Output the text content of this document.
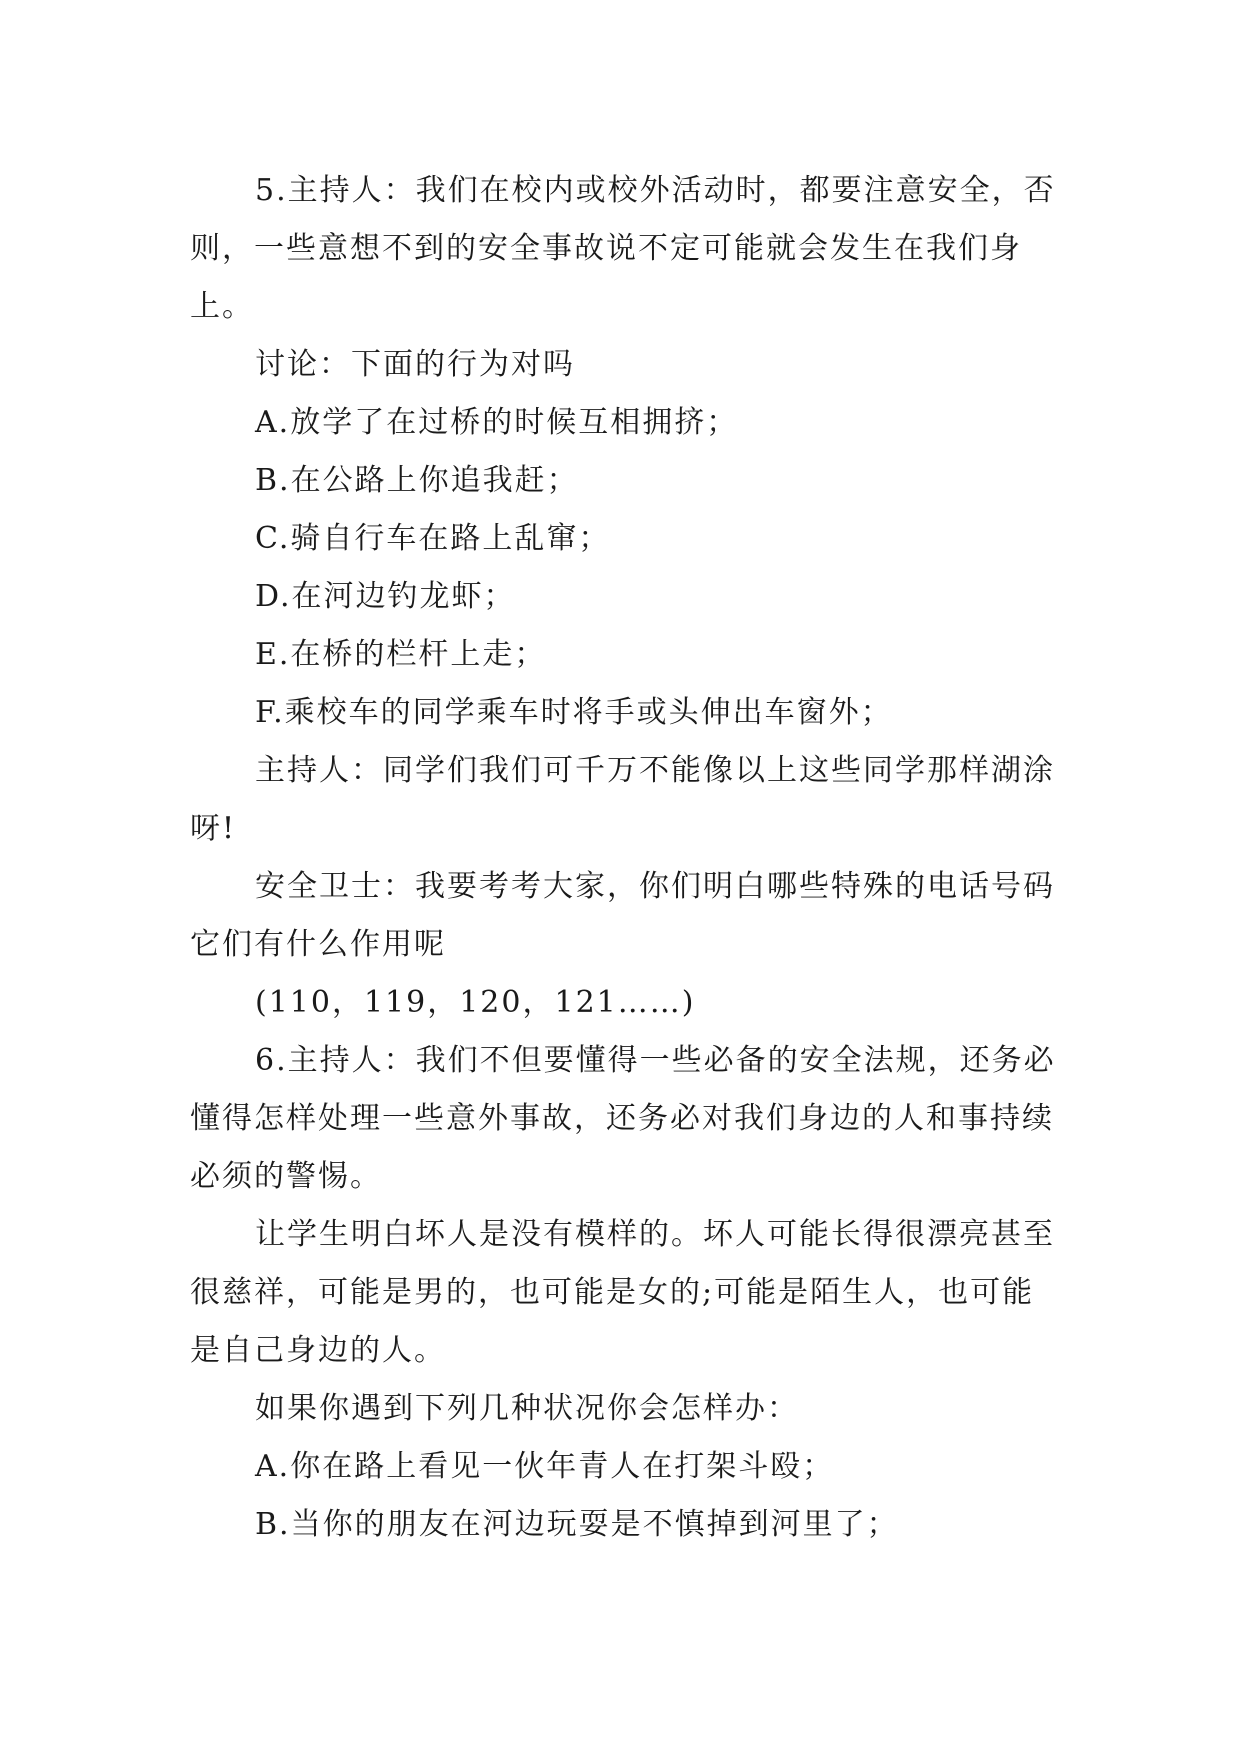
5.主持人：我们在校内或校外活动时，都要注意安全，否则，一些意想不到的安全事故说不定可能就会发生在我们身上。

讨论：下面的行为对吗

A.放学了在过桥的时候互相拥挤；

B.在公路上你追我赶；

C.骑自行车在路上乱窜；

D.在河边钓龙虾；

E.在桥的栏杆上走；

F.乘校车的同学乘车时将手或头伸出车窗外；

主持人：同学们我们可千万不能像以上这些同学那样湖涂呀!

安全卫士：我要考考大家，你们明白哪些特殊的电话号码它们有什么作用呢

(110，119，120，121……)

6.主持人：我们不但要懂得一些必备的安全法规，还务必懂得怎样处理一些意外事故，还务必对我们身边的人和事持续必须的警惕。

让学生明白坏人是没有模样的。坏人可能长得很漂亮甚至很慈祥，可能是男的，也可能是女的;可能是陌生人，也可能是自己身边的人。

如果你遇到下列几种状况你会怎样办：

A.你在路上看见一伙年青人在打架斗殴；

B.当你的朋友在河边玩耍是不慎掉到河里了；
